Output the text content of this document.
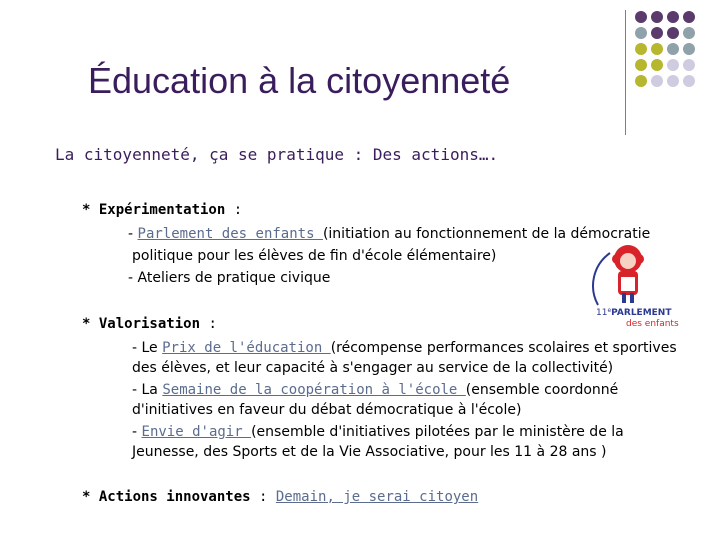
Éducation à la citoyenneté
La citoyenneté, ça se pratique : Des actions….
* Expérimentation :
- Parlement des enfants (initiation au fonctionnement de la démocratie
politique pour les élèves de fin d'école élémentaire)
- Ateliers de pratique civique
* Valorisation :
- Le Prix de l'éducation (récompense performances scolaires et sportives
des élèves, et leur capacité à s'engager au service de la collectivité)
- La Semaine de la coopération à l'école (ensemble coordonné
d'initiatives en faveur du débat démocratique à l'école)
- Envie d'agir (ensemble d'initiatives pilotées par le ministère de la
Jeunesse, des Sports et de la Vie Associative, pour les 11 à 28 ans )
* Actions innovantes : Demain, je serai citoyen
11ePARLEMENT
des enfants
